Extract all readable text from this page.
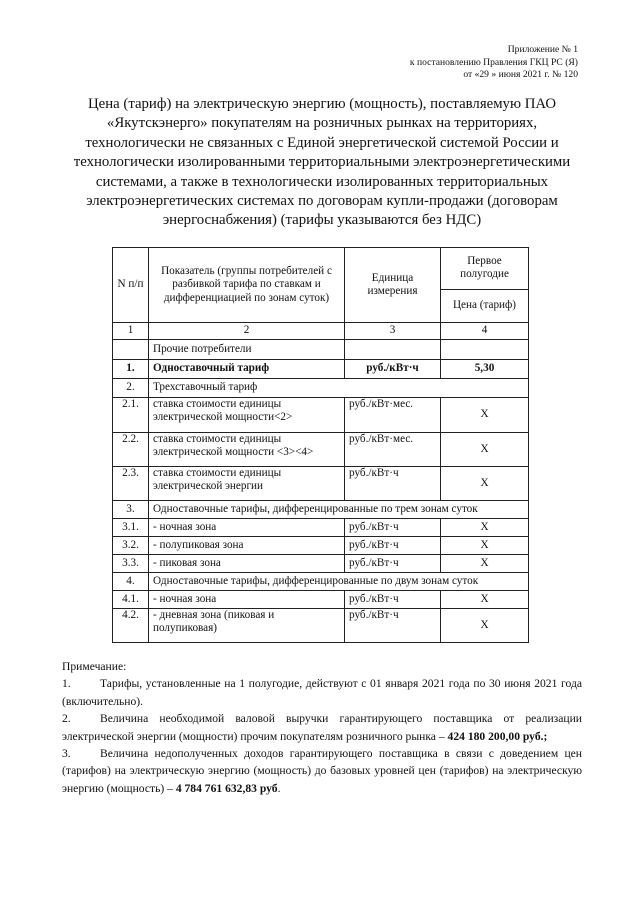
Приложение № 1
к постановлению Правления ГКЦ РС (Я)
от «29 » июня 2021 г. № 120
Цена (тариф) на электрическую энергию (мощность), поставляемую ПАО «Якутскэнерго» покупателям на розничных рынках на территориях, технологически не связанных с Единой энергетической системой России и технологически изолированными территориальными электроэнергетическими системами, а также в технологически изолированных территориальных электроэнергетических системах по договорам купли-продажи (договорам энергоснабжения) (тарифы указываются без НДС)
N п/п	Показатель (группы потребителей с разбивкой тарифа по ставкам и дифференциацией по зонам суток)	Единица измерения	Первое полугодие
			Цена (тариф)
1	2	3	4
	Прочие потребители		
1.	Одноставочный тариф	руб./кВт·ч	5,30
2.	Трехставочный тариф		
2.1.	ставка стоимости единицы электрической мощности<2>	руб./кВт·мес.	X
2.2.	ставка стоимости единицы электрической мощности <3><4>	руб./кВт·мес.	X
2.3.	ставка стоимости единицы электрической энергии	руб./кВт·ч	X
3.	Одноставочные тарифы, дифференцированные по трем зонам суток		
3.1.	- ночная зона	руб./кВт·ч	X
3.2.	- полупиковая зона	руб./кВт·ч	X
3.3.	- пиковая зона	руб./кВт·ч	X
4.	Одноставочные тарифы, дифференцированные по двум зонам суток		
4.1.	- ночная зона	руб./кВт·ч	X
4.2.	- дневная зона (пиковая и полупиковая)	руб./кВт·ч	X
Примечание:
1.	Тарифы, установленные на 1 полугодие, действуют с 01 января 2021 года по 30 июня 2021 года (включительно).
2.	Величина необходимой валовой выручки гарантирующего поставщика от реализации электрической энергии (мощности) прочим покупателям розничного рынка – 424 180 200,00 руб.;
3.	Величина недополученных доходов гарантирующего поставщика в связи с доведением цен (тарифов) на электрическую энергию (мощность) до базовых уровней цен (тарифов) на электрическую энергию (мощность) – 4 784 761 632,83 руб.
